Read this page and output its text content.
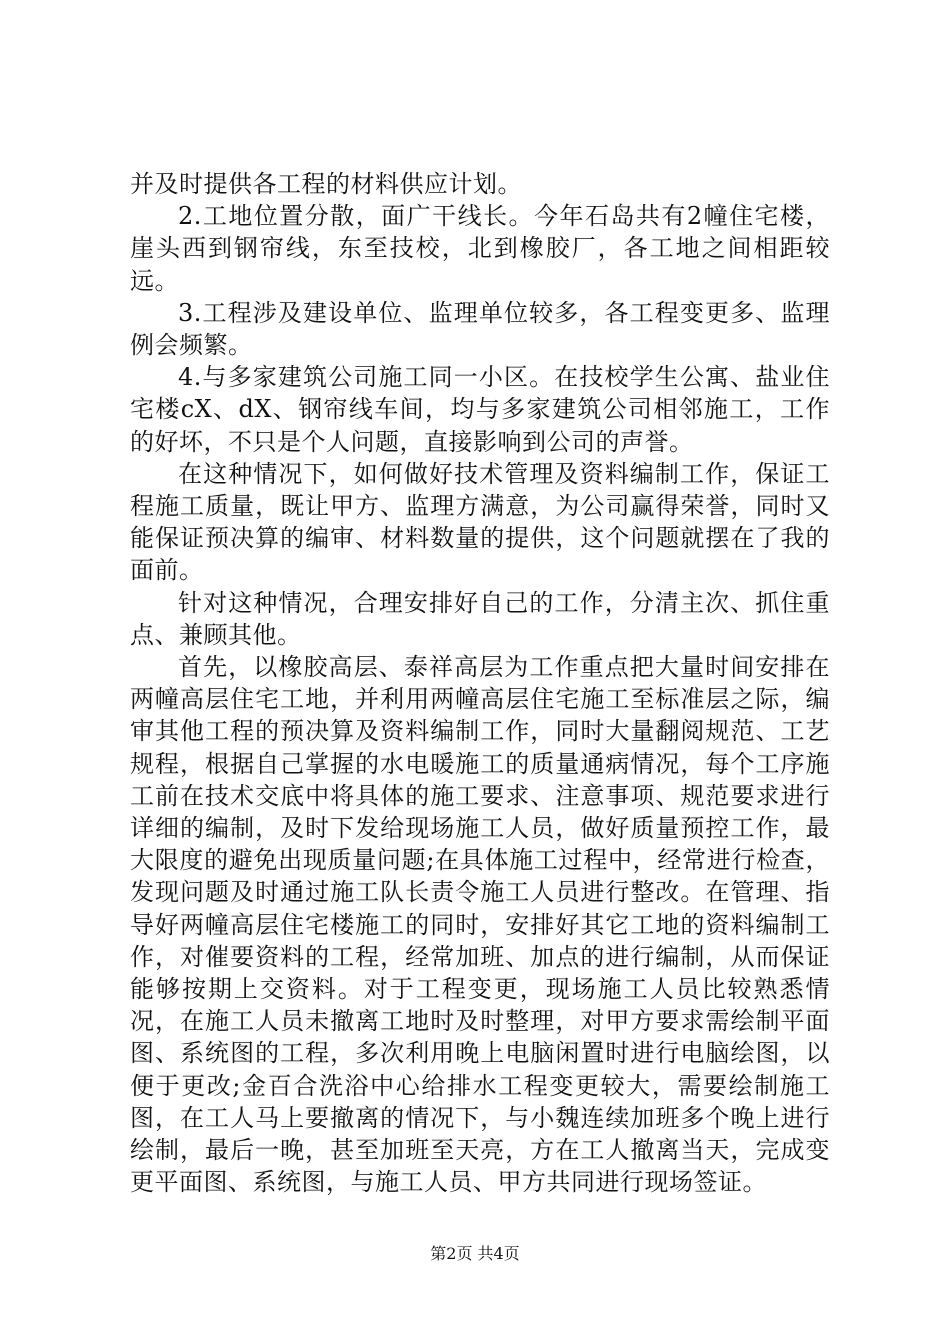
并及时提供各工程的材料供应计划。

2.工地位置分散，面广干线长。今年石岛共有2幢住宅楼，崖头西到钢帘线，东至技校，北到橡胶厂，各工地之间相距较远。

3.工程涉及建设单位、监理单位较多，各工程变更多、监理例会频繁。

4.与多家建筑公司施工同一小区。在技校学生公寓、盐业住宅楼cX、dX、钢帘线车间，均与多家建筑公司相邻施工，工作的好坏，不只是个人问题，直接影响到公司的声誉。

在这种情况下，如何做好技术管理及资料编制工作，保证工程施工质量，既让甲方、监理方满意，为公司赢得荣誉，同时又能保证预决算的编审、材料数量的提供，这个问题就摆在了我的面前。

针对这种情况，合理安排好自己的工作，分清主次、抓住重点、兼顾其他。

首先，以橡胶高层、泰祥高层为工作重点把大量时间安排在两幢高层住宅工地，并利用两幢高层住宅施工至标准层之际，编审其他工程的预决算及资料编制工作，同时大量翻阅规范、工艺规程，根据自己掌握的水电暖施工的质量通病情况，每个工序施工前在技术交底中将具体的施工要求、注意事项、规范要求进行详细的编制，及时下发给现场施工人员，做好质量预控工作，最大限度的避免出现质量问题;在具体施工过程中，经常进行检查，发现问题及时通过施工队长责令施工人员进行整改。在管理、指导好两幢高层住宅楼施工的同时，安排好其它工地的资料编制工作，对催要资料的工程，经常加班、加点的进行编制，从而保证能够按期上交资料。对于工程变更，现场施工人员比较熟悉情况，在施工人员未撤离工地时及时整理，对甲方要求需绘制平面图、系统图的工程，多次利用晚上电脑闲置时进行电脑绘图，以便于更改;金百合洗浴中心给排水工程变更较大，需要绘制施工图，在工人马上要撤离的情况下，与小魏连续加班多个晚上进行绘制，最后一晚，甚至加班至天亮，方在工人撤离当天，完成变更平面图、系统图，与施工人员、甲方共同进行现场签证。

第2页 共4页
